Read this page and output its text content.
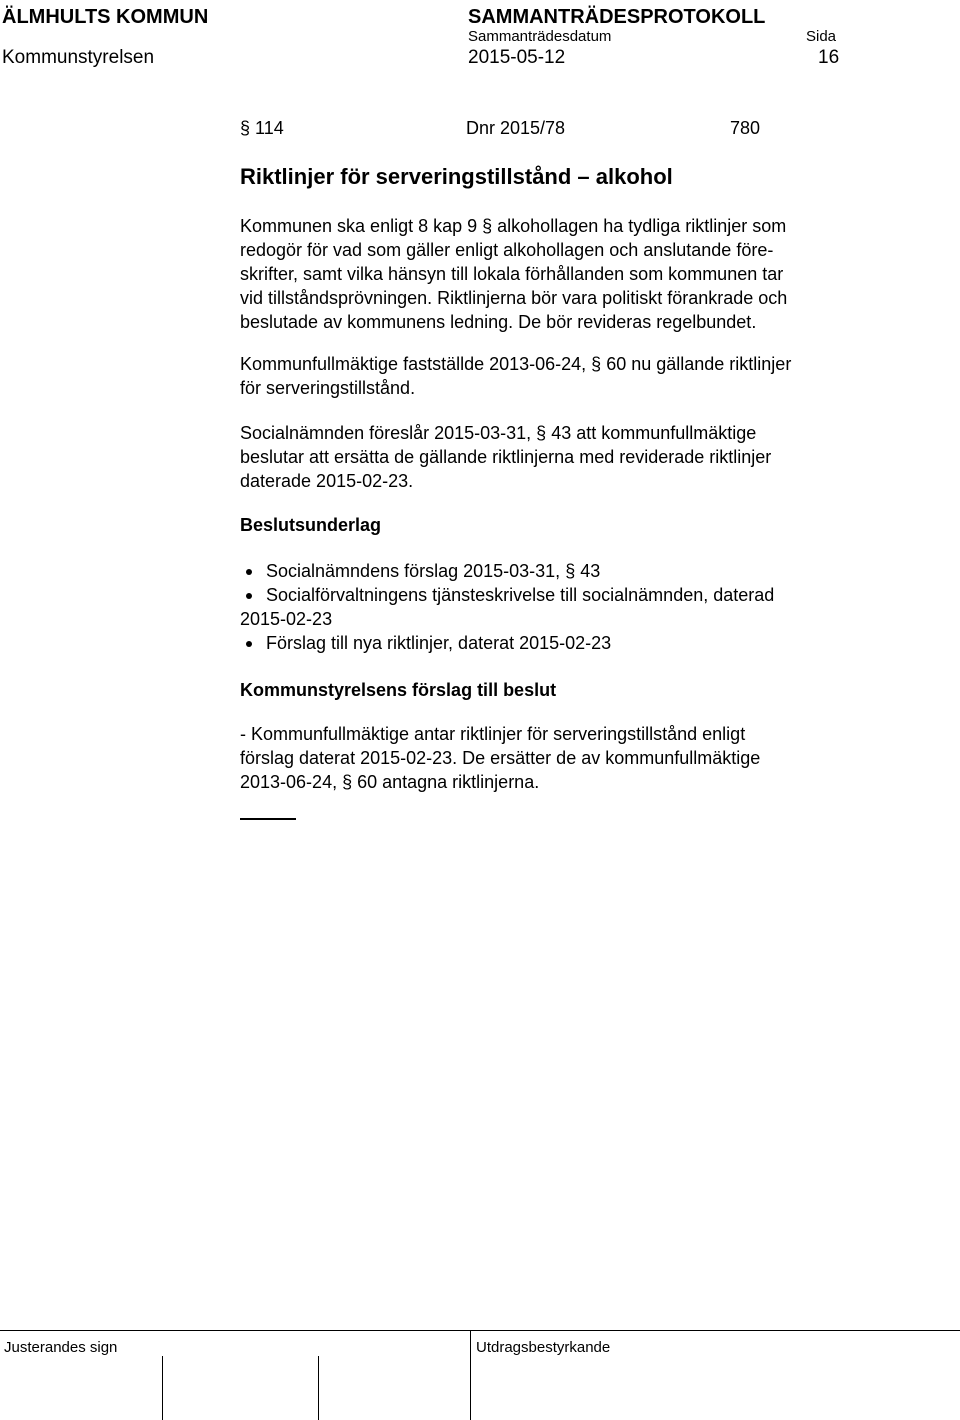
ÄLMHULTS KOMMUN	SAMMANTRÄDESPROTOKOLL
Sammanträdesdatum	Sida
Kommunstyrelsen	2015-05-12	16
§ 114	Dnr 2015/78	780
Riktlinjer för serveringstillstånd – alkohol

Kommunen ska enligt 8 kap 9 § alkohollagen ha tydliga riktlinjer som

redogör för vad som gäller enligt alkohollagen och anslutande före-

skrifter, samt vilka hänsyn till lokala förhållanden som kommunen tar

vid tillståndsprövningen. Riktlinjerna bör vara politiskt förankrade och

beslutade av kommunens ledning. De bör revideras regelbundet.

Kommunfullmäktige fastställde 2013-06-24, § 60 nu gällande riktlinjer

för serveringstillstånd.

Socialnämnden föreslår 2015-03-31, § 43 att kommunfullmäktige

beslutar att ersätta de gällande riktlinjerna med reviderade riktlinjer

daterade 2015-02-23.

Beslutsunderlag
Socialnämndens förslag 2015-03-31, § 43
Socialförvaltningens tjänsteskrivelse till socialnämnden, daterad
2015-02-23
Förslag till nya riktlinjer, daterat 2015-02-23
Kommunstyrelsens förslag till beslut

- Kommunfullmäktige antar riktlinjer för serveringstillstånd enligt

förslag daterat 2015-02-23. De ersätter de av kommunfullmäktige

2013-06-24, § 60 antagna riktlinjerna.

Justerandes sign	Utdragsbestyrkande
